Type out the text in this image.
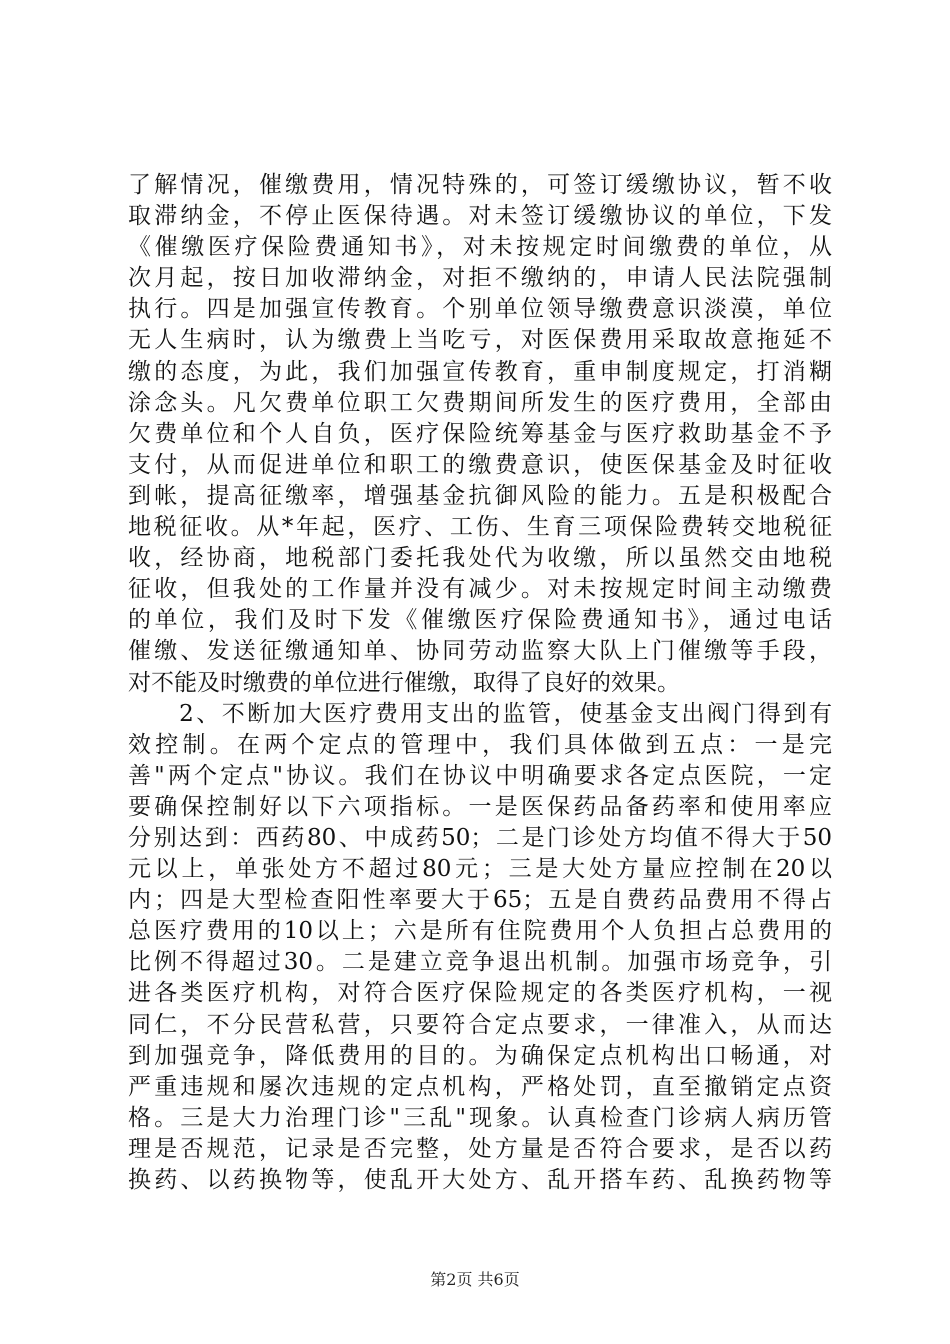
了解情况，催缴费用，情况特殊的，可签订缓缴协议，暂不收
取滞纳金，不停止医保待遇。对未签订缓缴协议的单位，下发
《催缴医疗保险费通知书》，对未按规定时间缴费的单位，从
次月起，按日加收滞纳金，对拒不缴纳的，申请人民法院强制
执行。四是加强宣传教育。个别单位领导缴费意识淡漠，单位
无人生病时，认为缴费上当吃亏，对医保费用采取故意拖延不
缴的态度，为此，我们加强宣传教育，重申制度规定，打消糊
涂念头。凡欠费单位职工欠费期间所发生的医疗费用，全部由
欠费单位和个人自负，医疗保险统筹基金与医疗救助基金不予
支付，从而促进单位和职工的缴费意识，使医保基金及时征收
到帐，提高征缴率，增强基金抗御风险的能力。五是积极配合
地税征收。从*年起，医疗、工伤、生育三项保险费转交地税征
收，经协商，地税部门委托我处代为收缴，所以虽然交由地税
征收，但我处的工作量并没有减少。对未按规定时间主动缴费
的单位，我们及时下发《催缴医疗保险费通知书》，通过电话
催缴、发送征缴通知单、协同劳动监察大队上门催缴等手段，
对不能及时缴费的单位进行催缴，取得了良好的效果。
　　2、不断加大医疗费用支出的监管，使基金支出阀门得到有
效控制。在两个定点的管理中，我们具体做到五点：一是完
善"两个定点"协议。我们在协议中明确要求各定点医院，一定
要确保控制好以下六项指标。一是医保药品备药率和使用率应
分别达到：西药80、中成药50；二是门诊处方均值不得大于50
元以上，单张处方不超过80元；三是大处方量应控制在20以
内；四是大型检查阳性率要大于65；五是自费药品费用不得占
总医疗费用的10以上；六是所有住院费用个人负担占总费用的
比例不得超过30。二是建立竞争退出机制。加强市场竞争，引
进各类医疗机构，对符合医疗保险规定的各类医疗机构，一视
同仁，不分民营私营，只要符合定点要求，一律准入，从而达
到加强竞争，降低费用的目的。为确保定点机构出口畅通，对
严重违规和屡次违规的定点机构，严格处罚，直至撤销定点资
格。三是大力治理门诊"三乱"现象。认真检查门诊病人病历管
理是否规范，记录是否完整，处方量是否符合要求，是否以药
换药、以药换物等，使乱开大处方、乱开搭车药、乱换药物等
第2页 共6页
